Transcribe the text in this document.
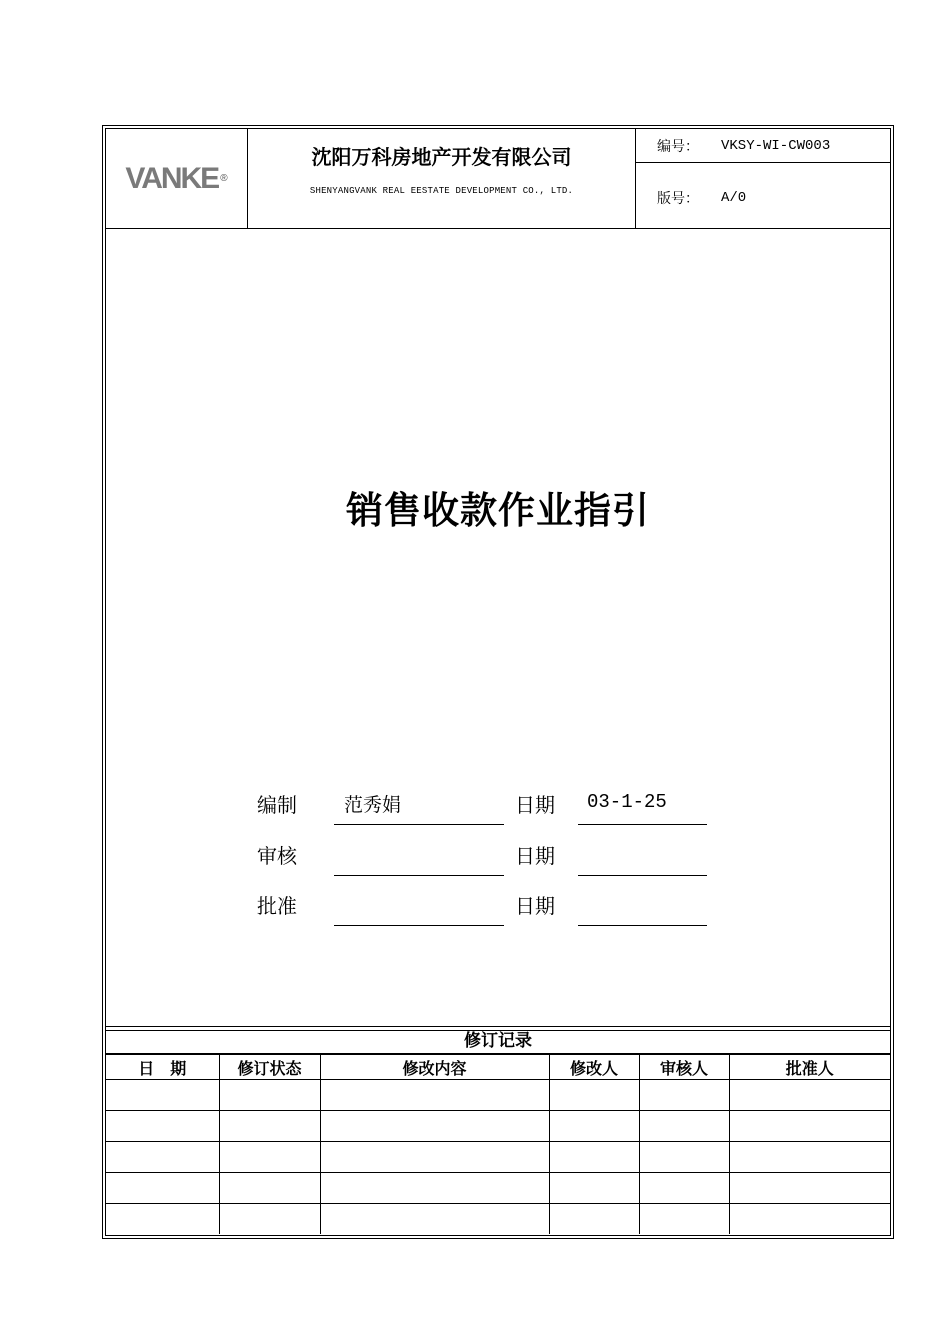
VANKE ®
沈阳万科房地产开发有限公司
SHENYANGVANK REAL EESTATE DEVELOPMENT CO., LTD.
编号：	VKSY-WI-CW003
版号：	A/0
销售收款作业指引
编制 范秀娟	日期 03-1-25
审核	日期
批准	日期
修订记录
日　期	修订状态	修改内容	修改人	审核人	批准人
